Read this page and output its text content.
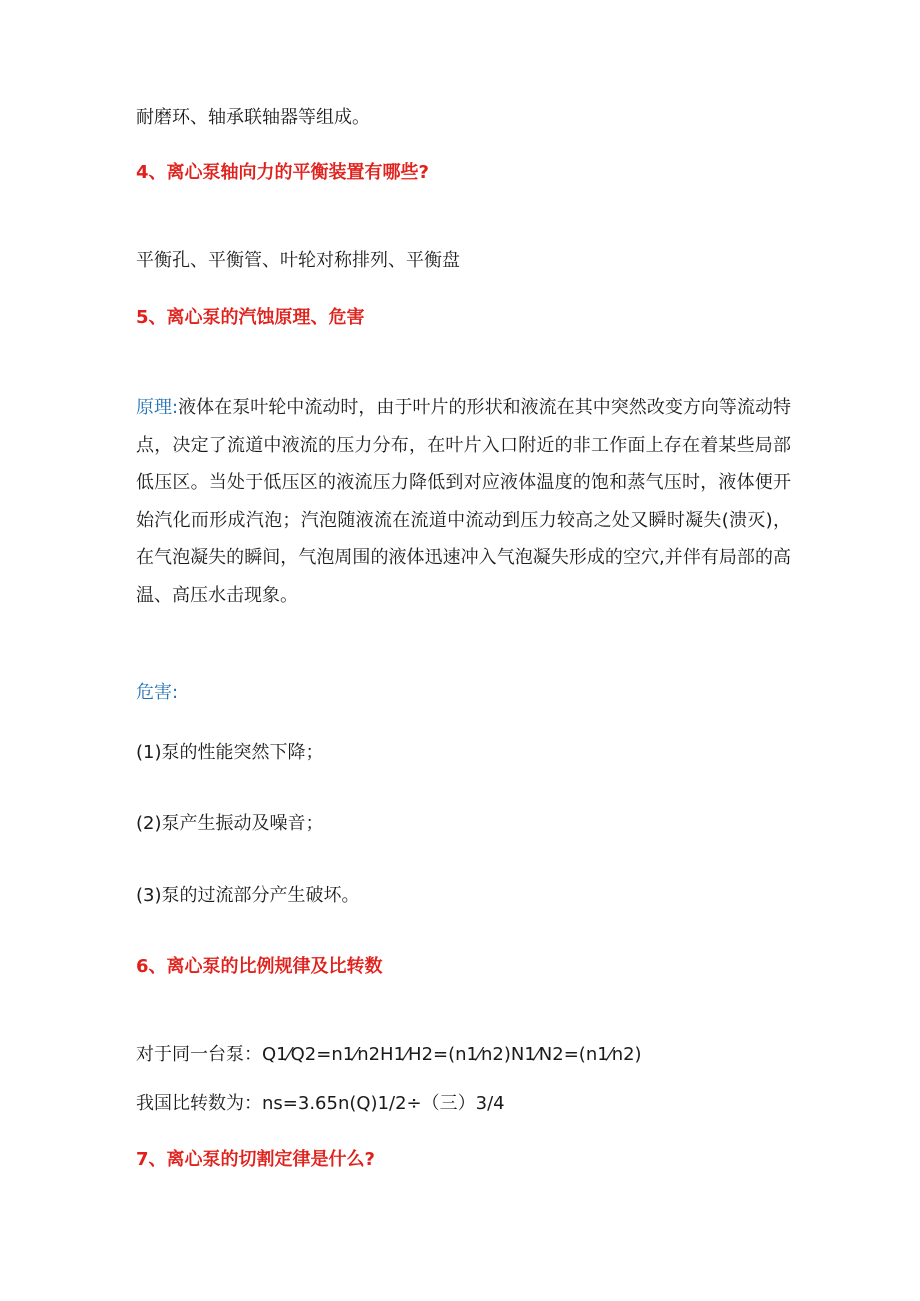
耐磨环、轴承联轴器等组成。

4、离心泵轴向力的平衡装置有哪些?

平衡孔、平衡管、叶轮对称排列、平衡盘

5、离心泵的汽蚀原理、危害

原理:液体在泵叶轮中流动时，由于叶片的形状和液流在其中突然改变方向等流动特点，决定了流道中液流的压力分布，在叶片入口附近的非工作面上存在着某些局部低压区。当处于低压区的液流压力降低到对应液体温度的饱和蒸气压时，液体便开始汽化而形成汽泡；汽泡随液流在流道中流动到压力较高之处又瞬时凝失(溃灭)，在气泡凝失的瞬间，气泡周围的液体迅速冲入气泡凝失形成的空穴,并伴有局部的高温、高压水击现象。

危害:

(1)泵的性能突然下降；

(2)泵产生振动及噪音；

(3)泵的过流部分产生破坏。

6、离心泵的比例规律及比转数

对于同一台泵：Q1⁄Q2=n1⁄n2H1⁄H2=(n1⁄n2)N1⁄N2=(n1⁄n2)

我国比转数为：ns=3.65n(Q)1/2÷（三）3/4

7、离心泵的切割定律是什么?
